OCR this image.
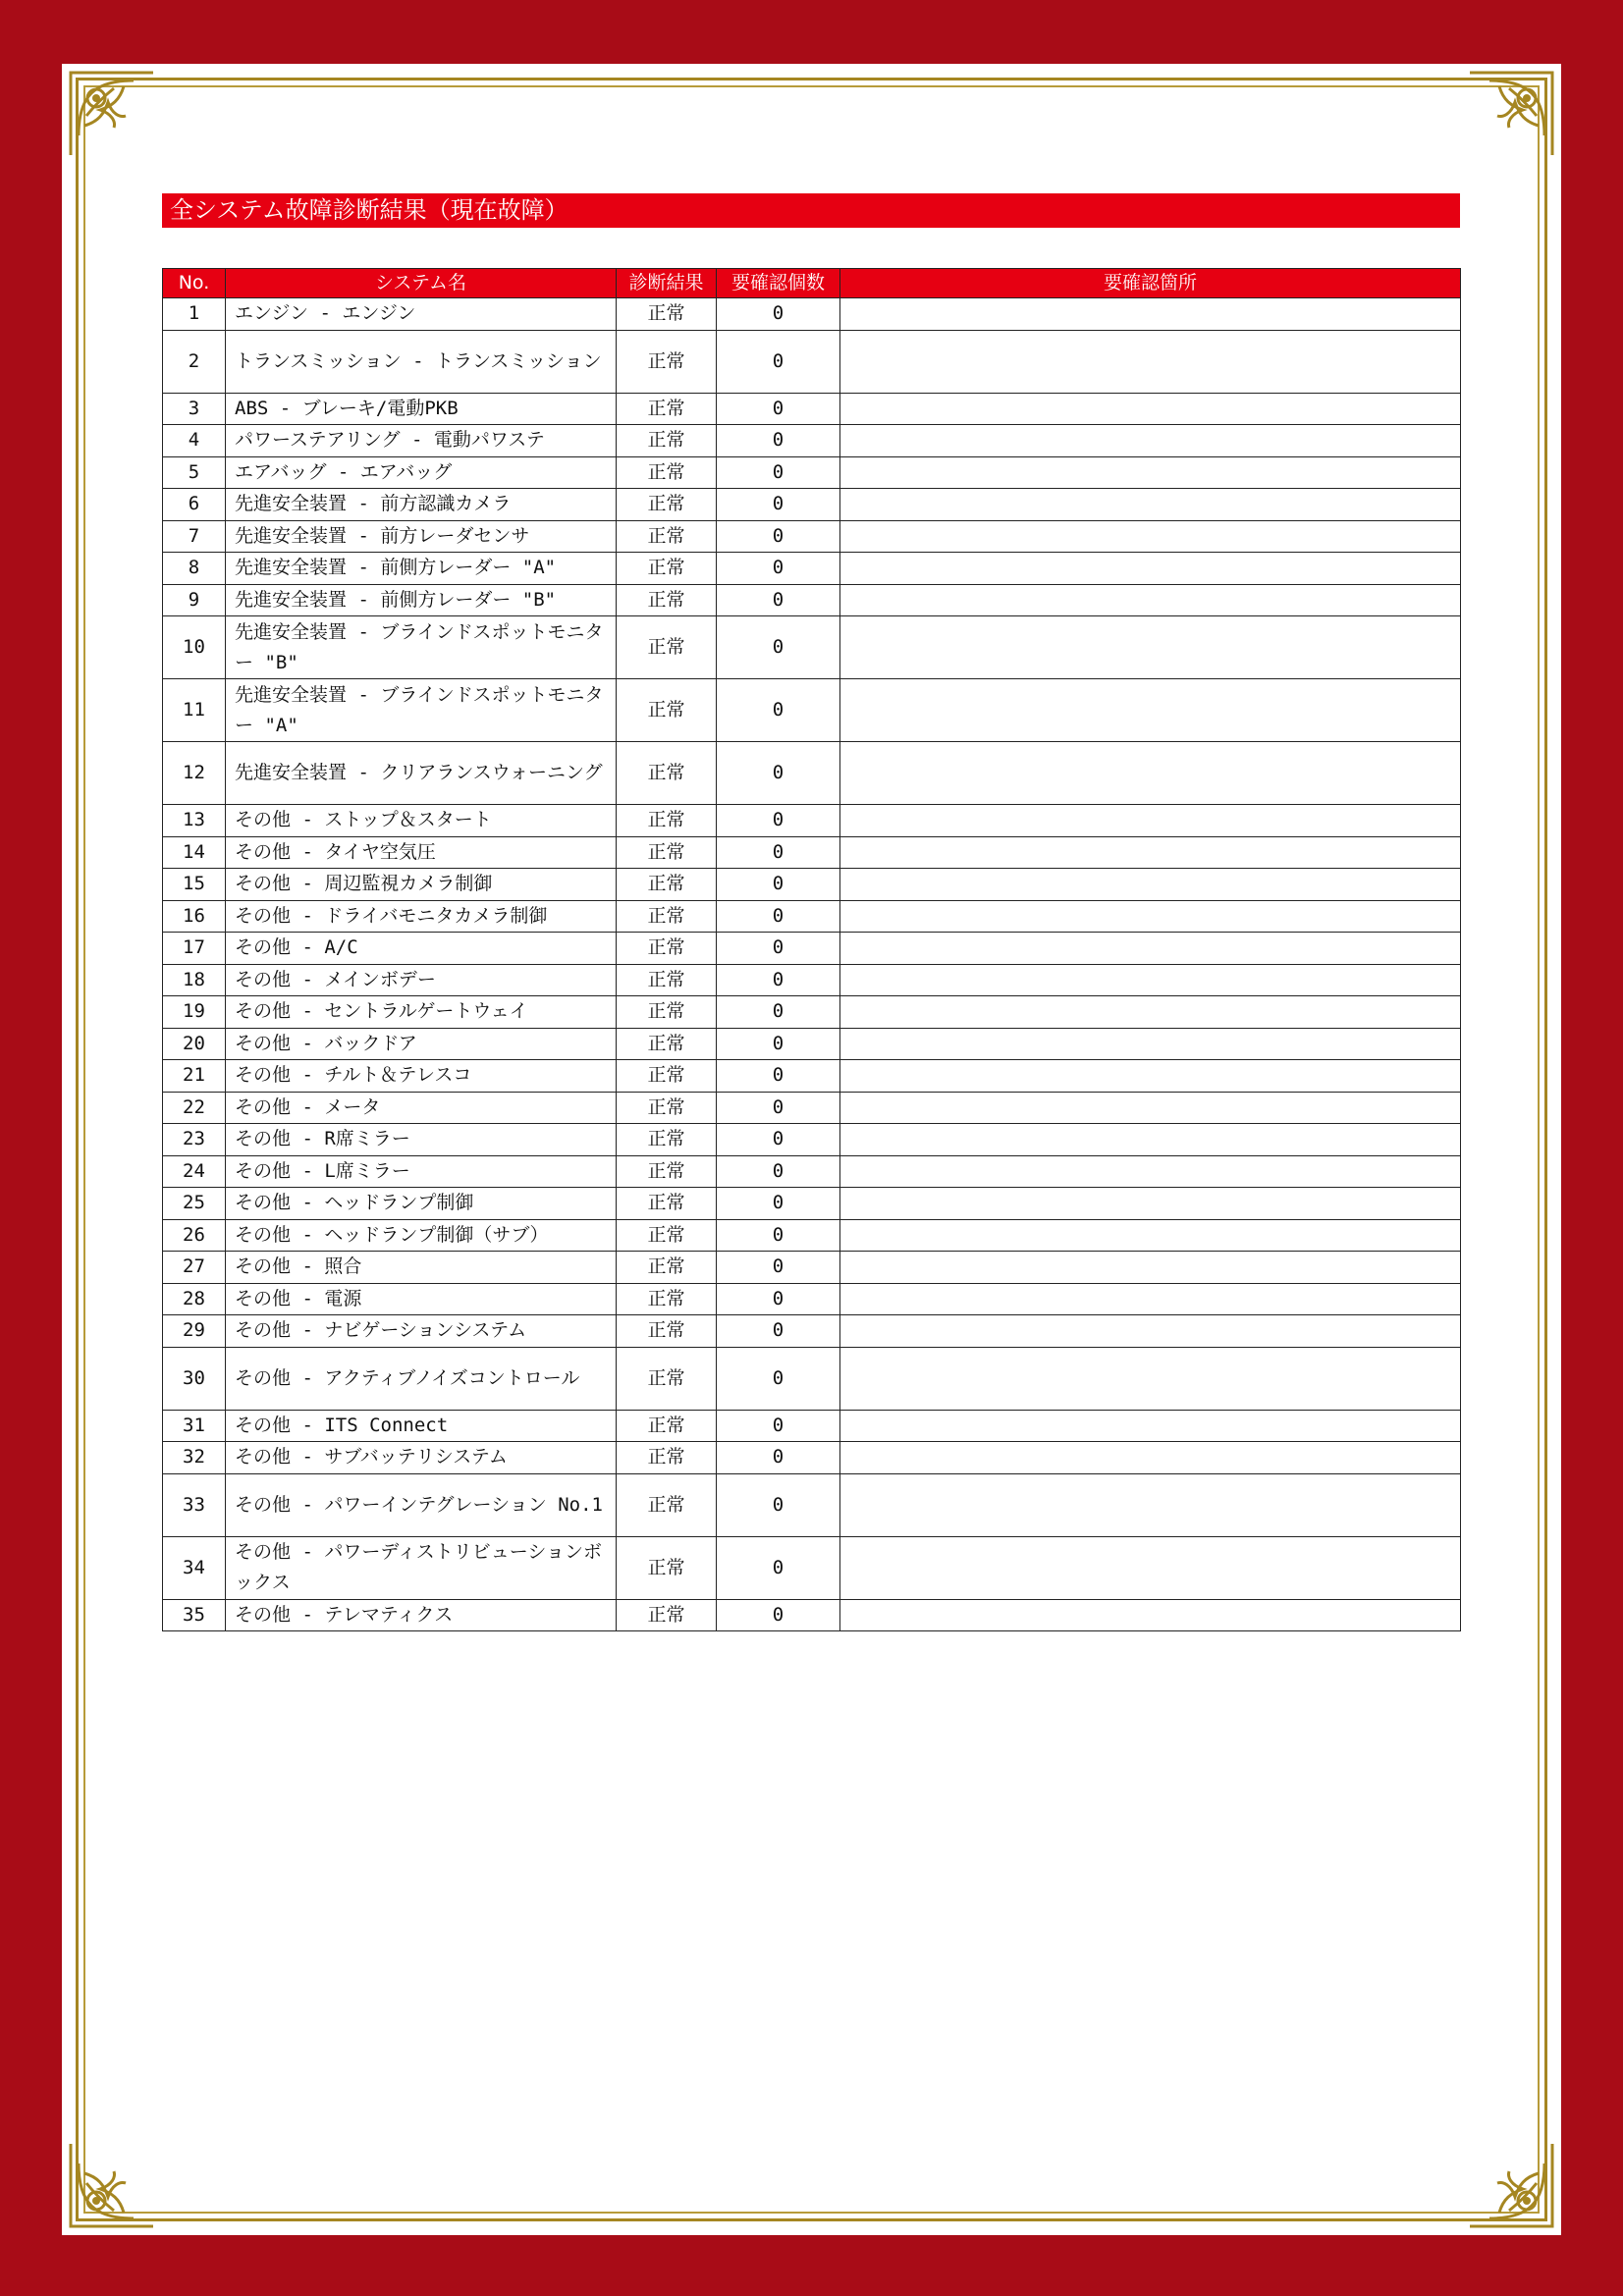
全システム故障診断結果（現在故障）
No.	システム名	診断結果	要確認個数	要確認箇所
1	エンジン - エンジン	正常	0	
2	トランスミッション - トランスミッション	正常	0	
3	ABS - ブレーキ/電動PKB	正常	0	
4	パワーステアリング - 電動パワステ	正常	0	
5	エアバッグ - エアバッグ	正常	0	
6	先進安全装置 - 前方認識カメラ	正常	0	
7	先進安全装置 - 前方レーダセンサ	正常	0	
8	先進安全装置 - 前側方レーダー "A"	正常	0	
9	先進安全装置 - 前側方レーダー "B"	正常	0	
10	先進安全装置 - ブラインドスポットモニター "B"	正常	0	
11	先進安全装置 - ブラインドスポットモニター "A"	正常	0	
12	先進安全装置 - クリアランスウォーニング	正常	0	
13	その他 - ストップ＆スタート	正常	0	
14	その他 - タイヤ空気圧	正常	0	
15	その他 - 周辺監視カメラ制御	正常	0	
16	その他 - ドライバモニタカメラ制御	正常	0	
17	その他 - A/C	正常	0	
18	その他 - メインボデー	正常	0	
19	その他 - セントラルゲートウェイ	正常	0	
20	その他 - バックドア	正常	0	
21	その他 - チルト＆テレスコ	正常	0	
22	その他 - メータ	正常	0	
23	その他 - R席ミラー	正常	0	
24	その他 - L席ミラー	正常	0	
25	その他 - ヘッドランプ制御	正常	0	
26	その他 - ヘッドランプ制御（サブ）	正常	0	
27	その他 - 照合	正常	0	
28	その他 - 電源	正常	0	
29	その他 - ナビゲーションシステム	正常	0	
30	その他 - アクティブノイズコントロール	正常	0	
31	その他 - ITS Connect	正常	0	
32	その他 - サブバッテリシステム	正常	0	
33	その他 - パワーインテグレーション No.1	正常	0	
34	その他 - パワーディストリビューションボックス	正常	0	
35	その他 - テレマティクス	正常	0	
